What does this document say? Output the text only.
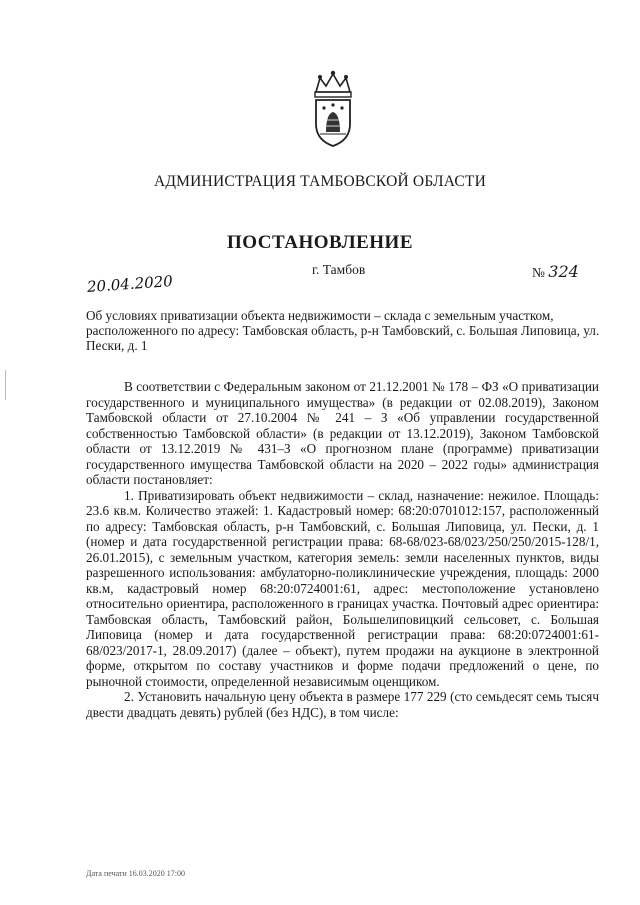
АДМИНИСТРАЦИЯ ТАМБОВСКОЙ ОБЛАСТИ
ПОСТАНОВЛЕНИЕ
20.04.2020
г. Тамбов	№ 324
Об условиях приватизации объекта недвижимости – склада с земельным участком, расположенного по адресу: Тамбовская область, р-н Тамбовский, с. Большая Липовица, ул. Пески, д. 1

В соответствии с Федеральным законом от 21.12.2001 № 178 – ФЗ «О приватизации государственного и муниципального имущества» (в редакции от 02.08.2019), Законом Тамбовской области от 27.10.2004 № 241 – З «Об управлении государственной собственностью Тамбовской области» (в редакции от 13.12.2019), Законом Тамбовской области от 13.12.2019 № 431–З «О прогнозном плане (программе) приватизации государственного имущества Тамбовской области на 2020 – 2022 годы» администрация области постановляет:

1. Приватизировать объект недвижимости – склад, назначение: нежилое. Площадь: 23.6 кв.м. Количество этажей: 1. Кадастровый номер: 68:20:0701012:157, расположенный по адресу: Тамбовская область, р-н Тамбовский, с. Большая Липовица, ул. Пески, д. 1 (номер и дата государственной регистрации права: 68-68/023-68/023/250/250/2015-128/1, 26.01.2015), с земельным участком, категория земель: земли населенных пунктов, виды разрешенного использования: амбулаторно-поликлинические учреждения, площадь: 2000 кв.м, кадастровый номер 68:20:0724001:61, адрес: местоположение установлено относительно ориентира, расположенного в границах участка. Почтовый адрес ориентира: Тамбовская область, Тамбовский район, Большелиповицкий сельсовет, с. Большая Липовица (номер и дата государственной регистрации права: 68:20:0724001:61-68/023/2017-1, 28.09.2017) (далее – объект), путем продажи на аукционе в электронной форме, открытом по составу участников и форме подачи предложений о цене, по рыночной стоимости, определенной независимым оценщиком.

2. Установить начальную цену объекта в размере 177 229 (сто семьдесят семь тысяч двести двадцать девять) рублей (без НДС), в том числе:

Дата печати 16.03.2020 17:00
